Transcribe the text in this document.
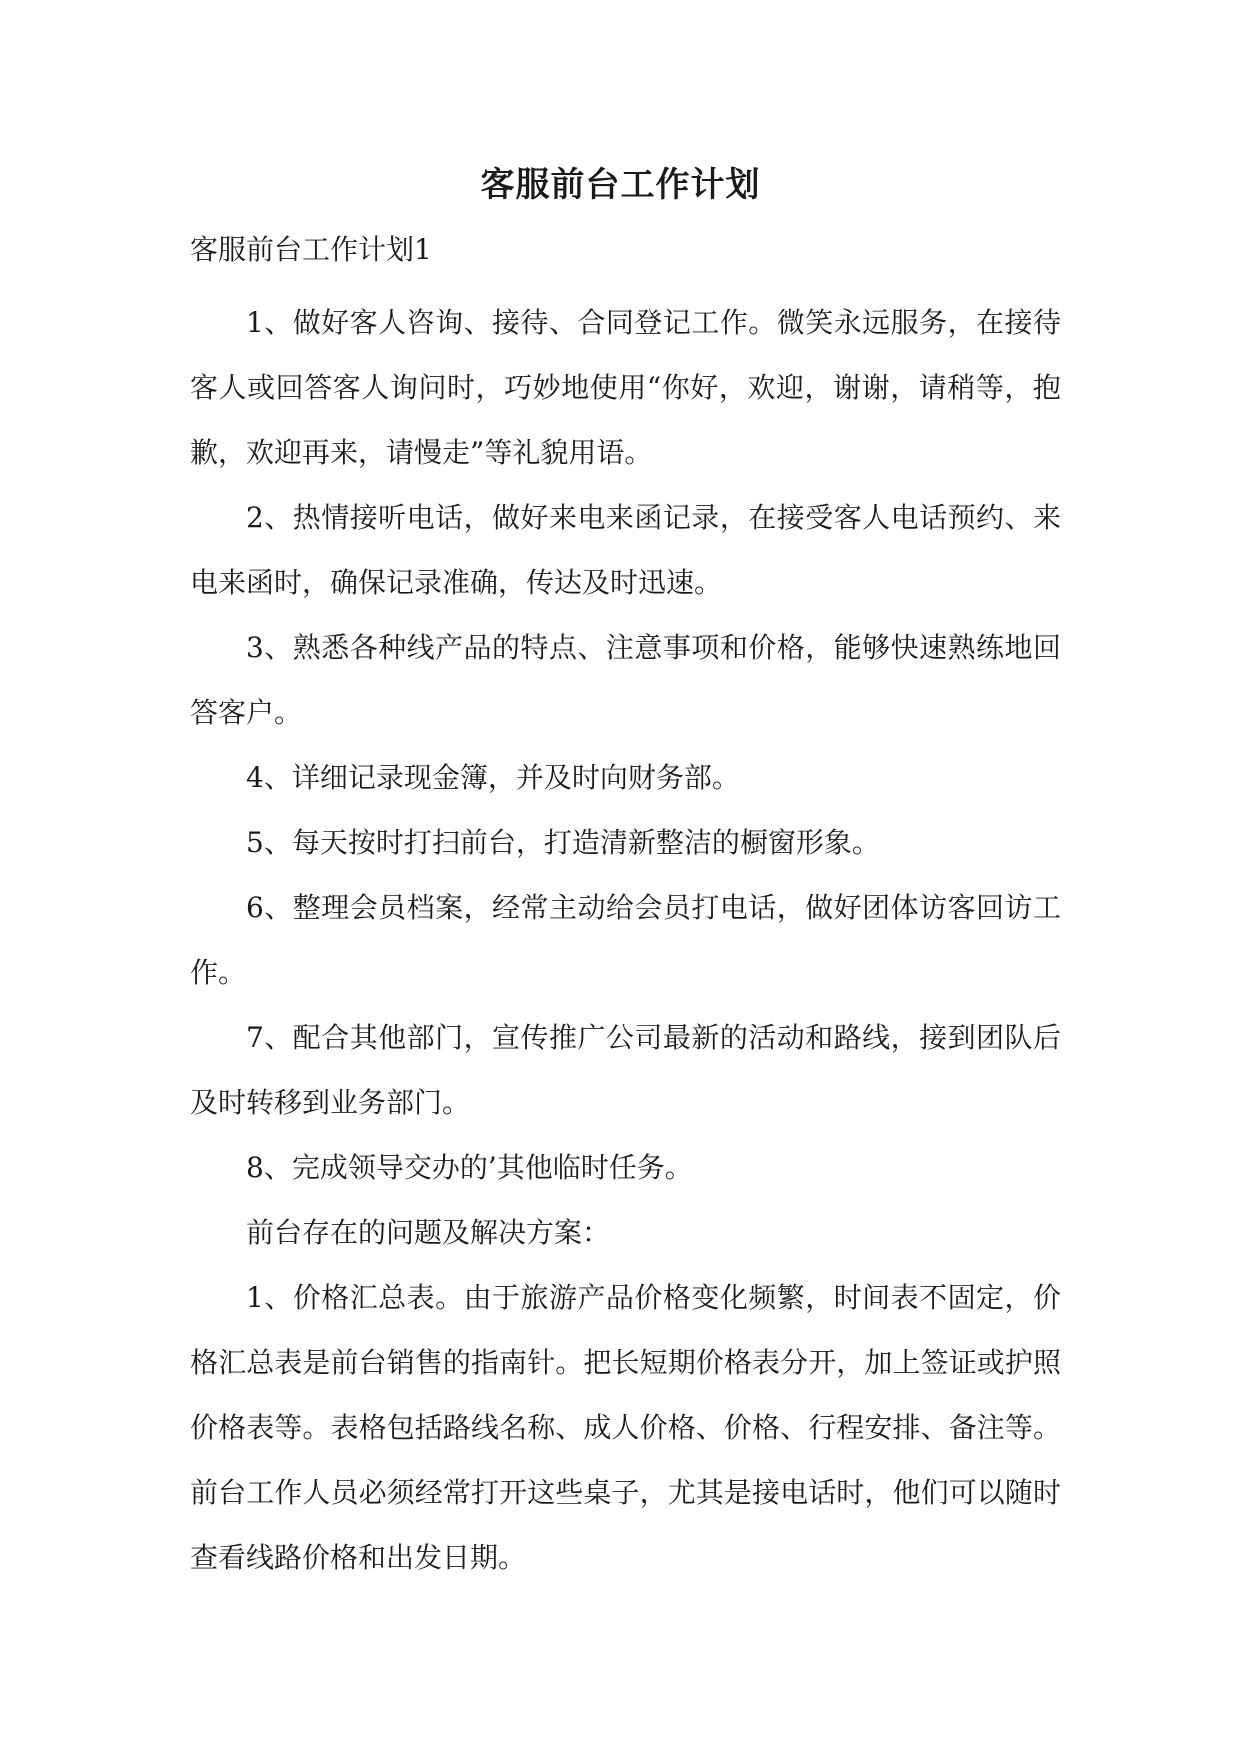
客服前台工作计划
客服前台工作计划1

1、做好客人咨询、接待、合同登记工作。微笑永远服务，在接待客人或回答客人询问时，巧妙地使用“你好，欢迎，谢谢，请稍等，抱歉，欢迎再来，请慢走”等礼貌用语。

2、热情接听电话，做好来电来函记录，在接受客人电话预约、来电来函时，确保记录准确，传达及时迅速。

3、熟悉各种线产品的特点、注意事项和价格，能够快速熟练地回答客户。

4、详细记录现金簿，并及时向财务部。

5、每天按时打扫前台，打造清新整洁的橱窗形象。

6、整理会员档案，经常主动给会员打电话，做好团体访客回访工作。

7、配合其他部门，宣传推广公司最新的活动和路线，接到团队后及时转移到业务部门。

8、完成领导交办的’其他临时任务。

前台存在的问题及解决方案：

1、价格汇总表。由于旅游产品价格变化频繁，时间表不固定，价格汇总表是前台销售的指南针。把长短期价格表分开，加上签证或护照价格表等。表格包括路线名称、成人价格、价格、行程安排、备注等。前台工作人员必须经常打开这些桌子，尤其是接电话时，他们可以随时查看线路价格和出发日期。
